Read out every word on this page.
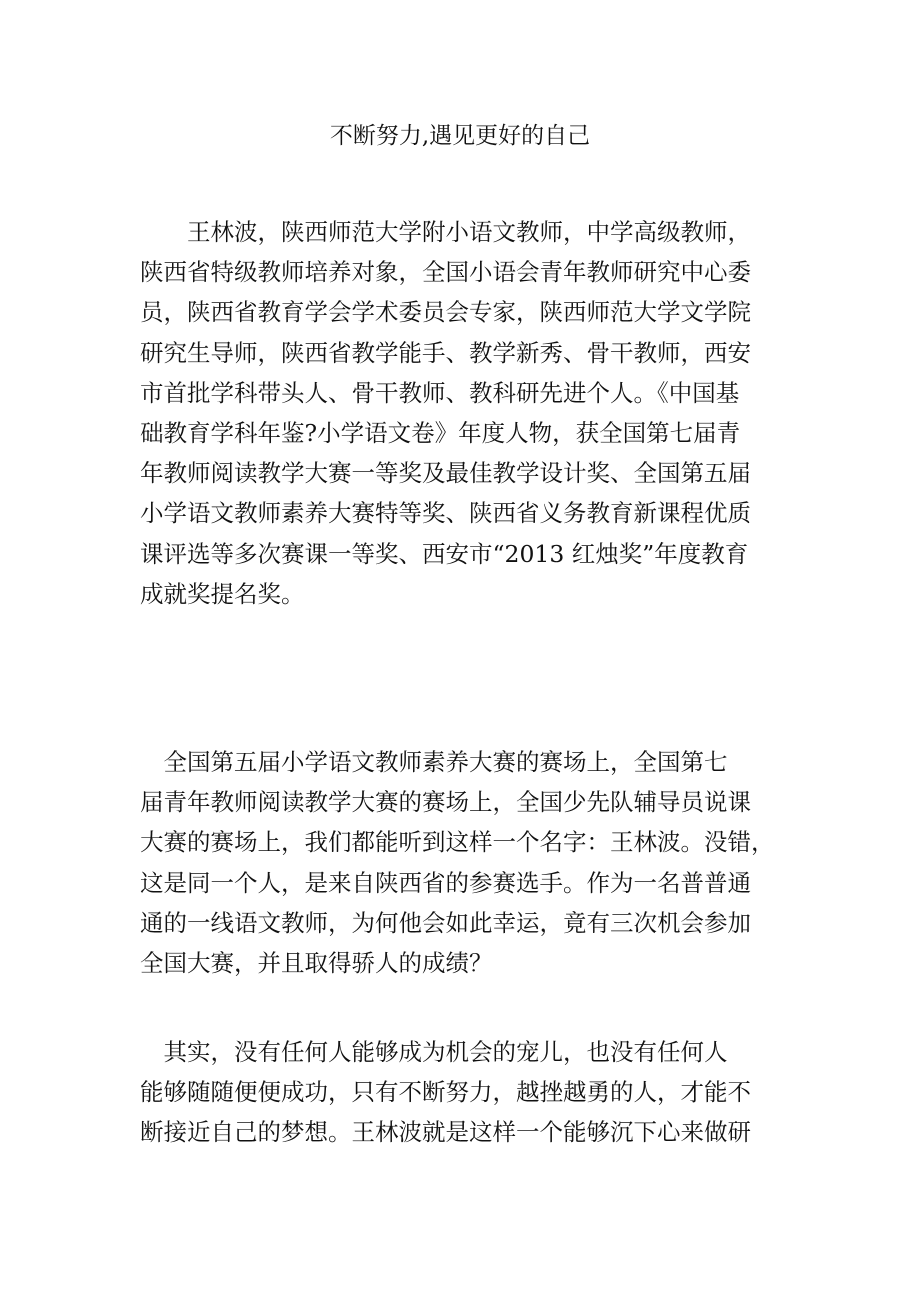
不断努力,遇见更好的自己

　　王林波，陕西师范大学附小语文教师，中学高级教师，
陕西省特级教师培养对象，全国小语会青年教师研究中心委
员，陕西省教育学会学术委员会专家，陕西师范大学文学院
研究生导师，陕西省教学能手、教学新秀、骨干教师，西安
市首批学科带头人、骨干教师、教科研先进个人。《中国基
础教育学科年鉴?小学语文卷》年度人物，获全国第七届青
年教师阅读教学大赛一等奖及最佳教学设计奖、全国第五届
小学语文教师素养大赛特等奖、陕西省义务教育新课程优质
课评选等多次赛课一等奖、西安市“2013 红烛奖”年度教育
成就奖提名奖。

　全国第五届小学语文教师素养大赛的赛场上，全国第七
届青年教师阅读教学大赛的赛场上，全国少先队辅导员说课
大赛的赛场上，我们都能听到这样一个名字：王林波。没错，
这是同一个人，是来自陕西省的参赛选手。作为一名普普通
通的一线语文教师，为何他会如此幸运，竟有三次机会参加
全国大赛，并且取得骄人的成绩？

　其实，没有任何人能够成为机会的宠儿，也没有任何人
能够随随便便成功，只有不断努力，越挫越勇的人，才能不
断接近自己的梦想。王林波就是这样一个能够沉下心来做研
